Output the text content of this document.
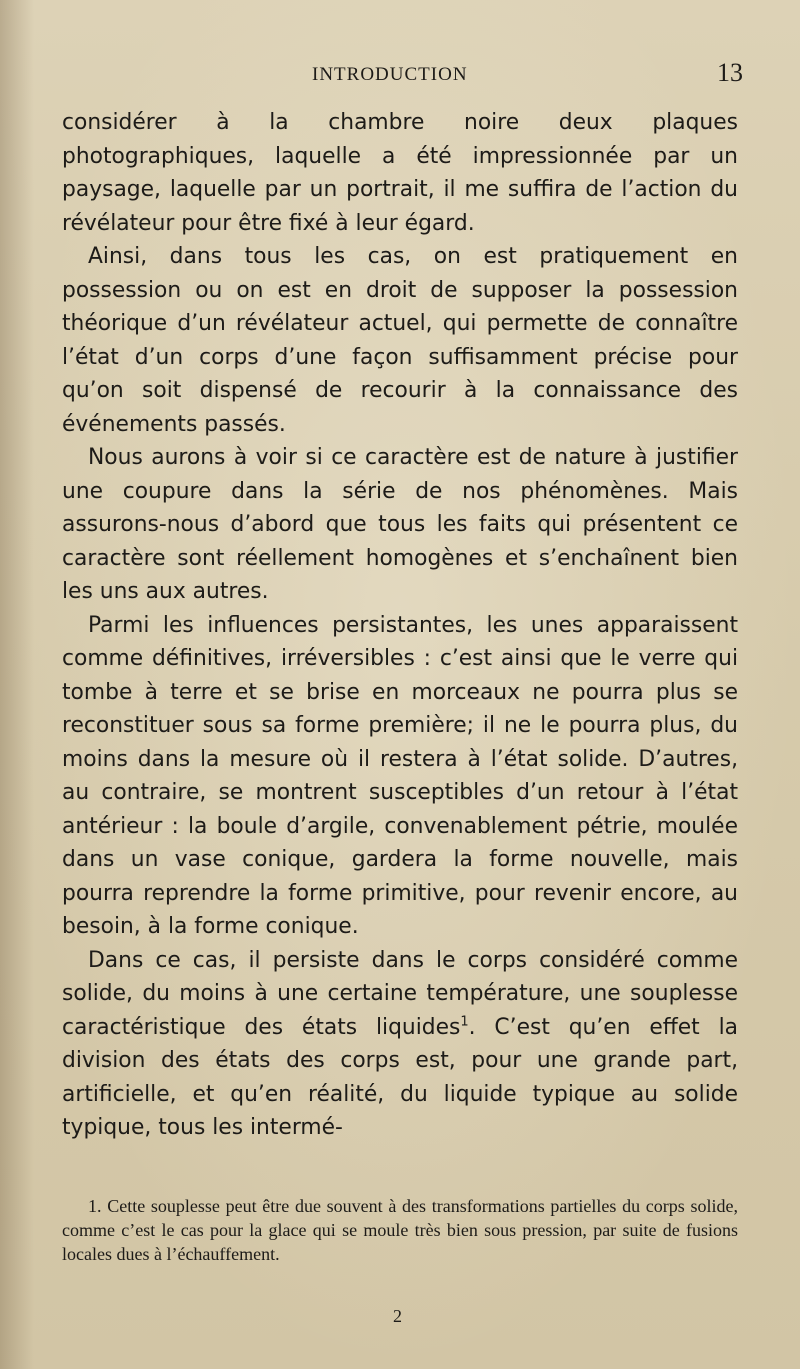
INTRODUCTION	13

considérer à la chambre noire deux plaques photographiques, laquelle a été impressionnée par un paysage, laquelle par un portrait, il me suffira de l’action du révélateur pour être fixé à leur égard.

Ainsi, dans tous les cas, on est pratiquement en possession ou on est en droit de supposer la possession théorique d’un révélateur actuel, qui permette de connaître l’état d’un corps d’une façon suffisamment précise pour qu’on soit dispensé de recourir à la connaissance des événements passés.

Nous aurons à voir si ce caractère est de nature à justifier une coupure dans la série de nos phénomènes. Mais assurons-nous d’abord que tous les faits qui présentent ce caractère sont réellement homogènes et s’enchaînent bien les uns aux autres.

Parmi les influences persistantes, les unes apparaissent comme définitives, irréversibles : c’est ainsi que le verre qui tombe à terre et se brise en morceaux ne pourra plus se reconstituer sous sa forme première; il ne le pourra plus, du moins dans la mesure où il restera à l’état solide. D’autres, au contraire, se montrent susceptibles d’un retour à l’état antérieur : la boule d’argile, convenablement pétrie, moulée dans un vase conique, gardera la forme nouvelle, mais pourra reprendre la forme primitive, pour revenir encore, au besoin, à la forme conique.

Dans ce cas, il persiste dans le corps considéré comme solide, du moins à une certaine température, une souplesse caractéristique des états liquides$^1$. C’est qu’en effet la division des états des corps est, pour une grande part, artificielle, et qu’en réalité, du liquide typique au solide typique, tous les intermé-

1. Cette souplesse peut être due souvent à des transformations partielles du corps solide, comme c’est le cas pour la glace qui se moule très bien sous pression, par suite de fusions locales dues à l’échauffement.

2
